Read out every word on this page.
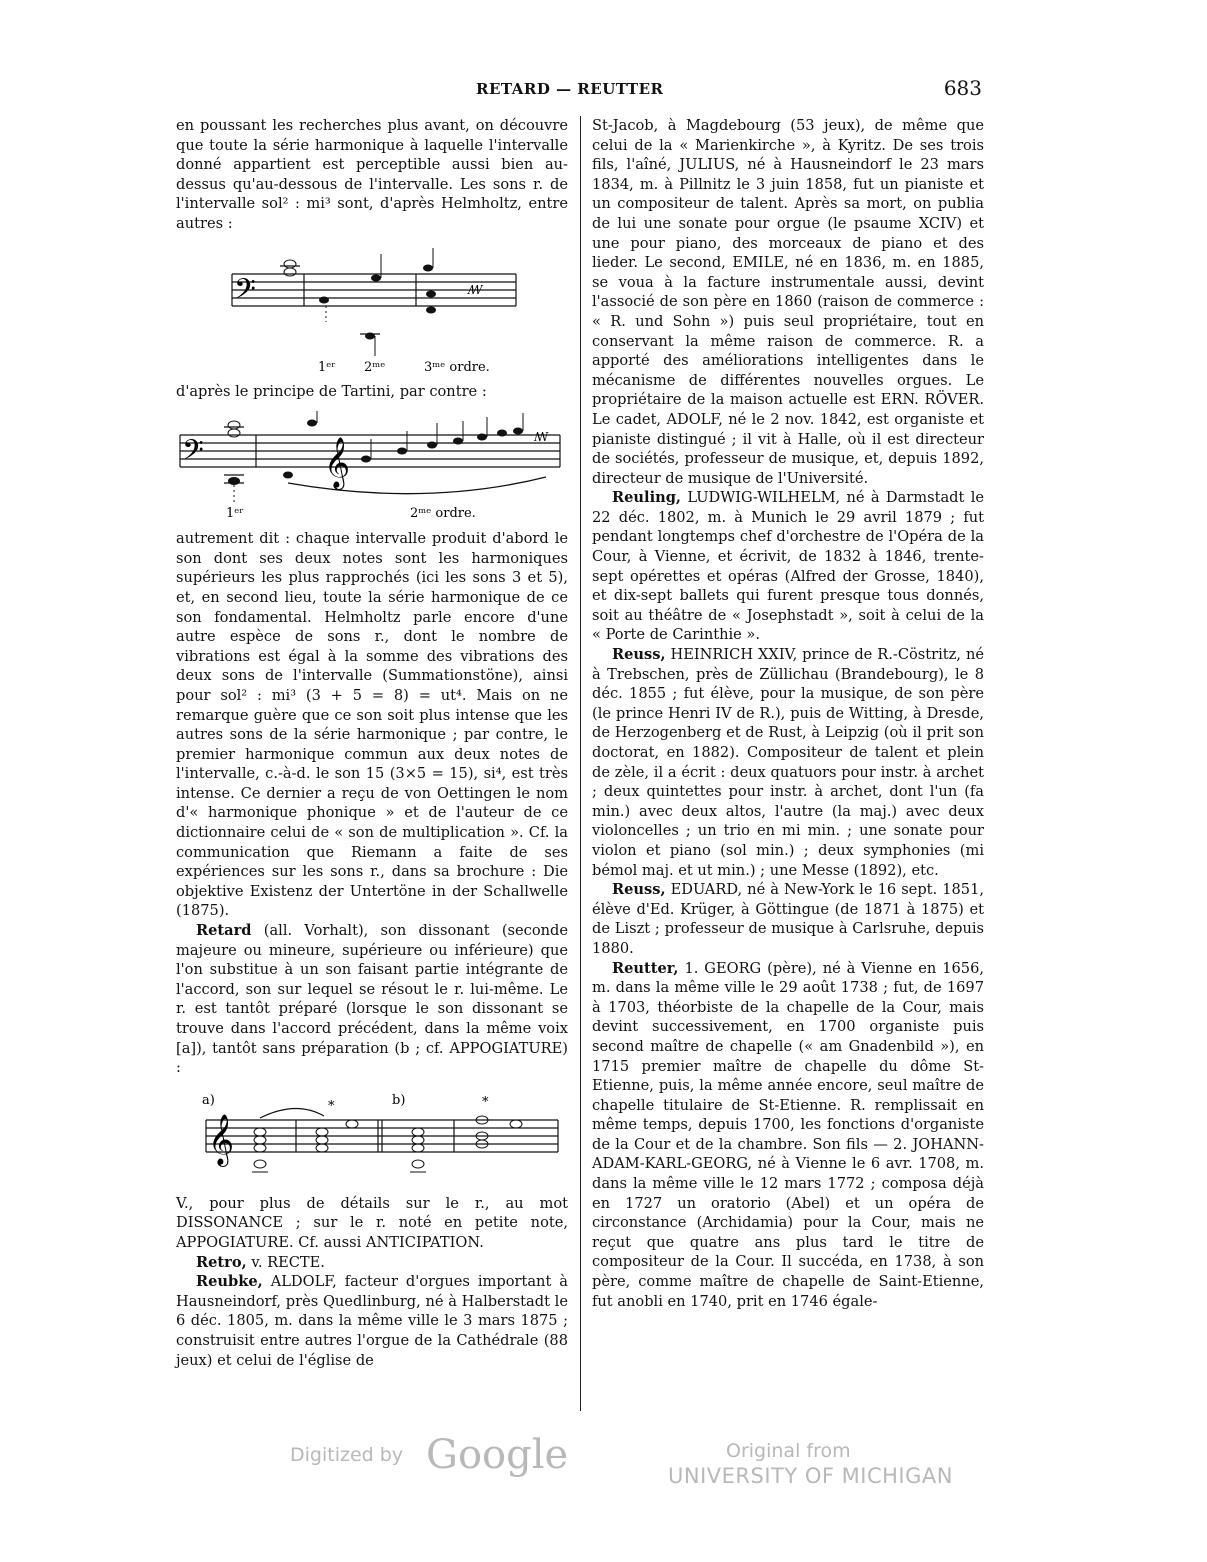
RETARD — REUTTER	683

en poussant les recherches plus avant, on découvre que toute la série harmonique à laquelle l'intervalle donné appartient est perceptible aussi bien au-dessus qu'au-dessous de l'intervalle. Les sons r. de l'intervalle sol² : mi³ sont, d'après Helmholtz, entre autres :

𝄢	ꟿ
1ᵉʳ 2ᵐᵉ	3ᵐᵉ ordre.

d'après le principe de Tartini, par contre :

𝄢	𝄞	ꟿ
1ᵉʳ	2ᵐᵉ ordre.

autrement dit : chaque intervalle produit d'abord le son dont ses deux notes sont les harmoniques supérieurs les plus rapprochés (ici les sons 3 et 5), et, en second lieu, toute la série harmonique de ce son fondamental. Helmholtz parle encore d'une autre espèce de sons r., dont le nombre de vibrations est égal à la somme des vibrations des deux sons de l'intervalle (Summationstöne), ainsi pour sol² : mi³ (3 + 5 = 8) = ut⁴. Mais on ne remarque guère que ce son soit plus intense que les autres sons de la série harmonique ; par contre, le premier harmonique commun aux deux notes de l'intervalle, c.-à-d. le son 15 (3×5 = 15), si⁴, est très intense. Ce dernier a reçu de von Oettingen le nom d'« harmonique phonique » et de l'auteur de ce dictionnaire celui de « son de multiplication ». Cf. la communication que Riemann a faite de ses expériences sur les sons r., dans sa brochure : Die objektive Existenz der Untertöne in der Schallwelle (1875).

Retard (all. Vorhalt), son dissonant (seconde majeure ou mineure, supérieure ou inférieure) que l'on substitue à un son faisant partie intégrante de l'accord, son sur lequel se résout le r. lui-même. Le r. est tantôt préparé (lorsque le son dissonant se trouve dans l'accord précédent, dans la même voix [a]), tantôt sans préparation (b ; cf. APPOGIATURE) :

𝄞
a)	b)
*	*

V., pour plus de détails sur le r., au mot DISSONANCE ; sur le r. noté en petite note, APPOGIATURE. Cf. aussi ANTICIPATION.

Retro, v. RECTE.

Reubke, ALDOLF, facteur d'orgues important à Hausneindorf, près Quedlinburg, né à Halberstadt le 6 déc. 1805, m. dans la même ville le 3 mars 1875 ; construisit entre autres l'orgue de la Cathédrale (88 jeux) et celui de l'église de

St-Jacob, à Magdebourg (53 jeux), de même que celui de la « Marienkirche », à Kyritz. De ses trois fils, l'aîné, JULIUS, né à Hausneindorf le 23 mars 1834, m. à Pillnitz le 3 juin 1858, fut un pianiste et un compositeur de talent. Après sa mort, on publia de lui une sonate pour orgue (le psaume XCIV) et une pour piano, des morceaux de piano et des lieder. Le second, EMILE, né en 1836, m. en 1885, se voua à la facture instrumentale aussi, devint l'associé de son père en 1860 (raison de commerce : « R. und Sohn ») puis seul propriétaire, tout en conservant la même raison de commerce. R. a apporté des améliorations intelligentes dans le mécanisme de différentes nouvelles orgues. Le propriétaire de la maison actuelle est ERN. RÖVER. Le cadet, ADOLF, né le 2 nov. 1842, est organiste et pianiste distingué ; il vit à Halle, où il est directeur de sociétés, professeur de musique, et, depuis 1892, directeur de musique de l'Université.

Reuling, LUDWIG-WILHELM, né à Darmstadt le 22 déc. 1802, m. à Munich le 29 avril 1879 ; fut pendant longtemps chef d'orchestre de l'Opéra de la Cour, à Vienne, et écrivit, de 1832 à 1846, trente-sept opérettes et opéras (Alfred der Grosse, 1840), et dix-sept ballets qui furent presque tous donnés, soit au théâtre de « Josephstadt », soit à celui de la « Porte de Carinthie ».

Reuss, HEINRICH XXIV, prince de R.-Cöstritz, né à Trebschen, près de Züllichau (Brandebourg), le 8 déc. 1855 ; fut élève, pour la musique, de son père (le prince Henri IV de R.), puis de Witting, à Dresde, de Herzogenberg et de Rust, à Leipzig (où il prit son doctorat, en 1882). Compositeur de talent et plein de zèle, il a écrit : deux quatuors pour instr. à archet ; deux quintettes pour instr. à archet, dont l'un (fa min.) avec deux altos, l'autre (la maj.) avec deux violoncelles ; un trio en mi min. ; une sonate pour violon et piano (sol min.) ; deux symphonies (mi bémol maj. et ut min.) ; une Messe (1892), etc.

Reuss, EDUARD, né à New-York le 16 sept. 1851, élève d'Ed. Krüger, à Göttingue (de 1871 à 1875) et de Liszt ; professeur de musique à Carlsruhe, depuis 1880.

Reutter, 1. GEORG (père), né à Vienne en 1656, m. dans la même ville le 29 août 1738 ; fut, de 1697 à 1703, théorbiste de la chapelle de la Cour, mais devint successivement, en 1700 organiste puis second maître de chapelle (« am Gnadenbild »), en 1715 premier maître de chapelle du dôme St-Etienne, puis, la même année encore, seul maître de chapelle titulaire de St-Etienne. R. remplissait en même temps, depuis 1700, les fonctions d'organiste de la Cour et de la chambre. Son fils — 2. JOHANN-ADAM-KARL-GEORG, né à Vienne le 6 avr. 1708, m. dans la même ville le 12 mars 1772 ; composa déjà en 1727 un oratorio (Abel) et un opéra de circonstance (Archidamia) pour la Cour, mais ne reçut que quatre ans plus tard le titre de compositeur de la Cour. Il succéda, en 1738, à son père, comme maître de chapelle de Saint-Etienne, fut anobli en 1740, prit en 1746 égale-

Digitized by Google	Original from
UNIVERSITY OF MICHIGAN
